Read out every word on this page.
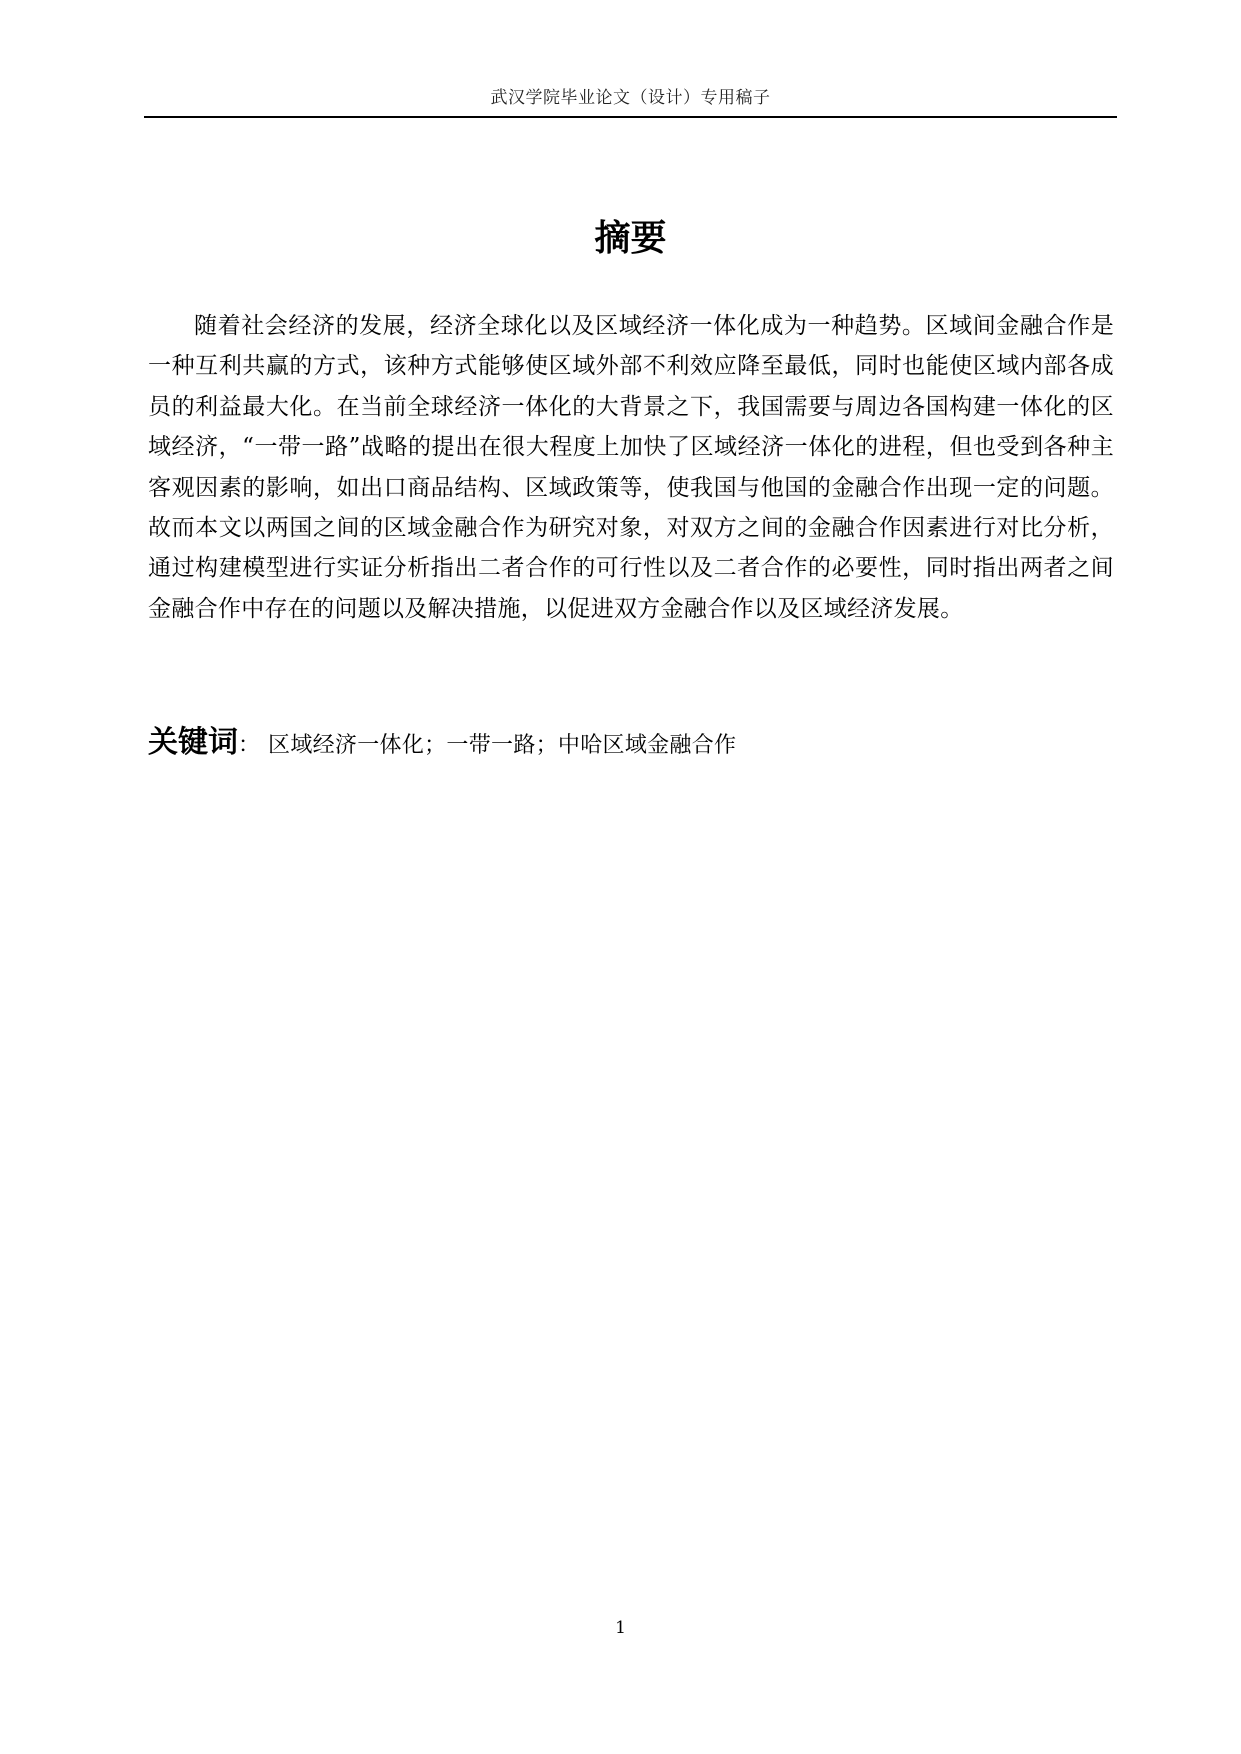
武汉学院毕业论文（设计）专用稿子
摘要

随着社会经济的发展，经济全球化以及区域经济一体化成为一种趋势。区域间金融合作是一种互利共赢的方式，该种方式能够使区域外部不利效应降至最低，同时也能使区域内部各成员的利益最大化。在当前全球经济一体化的大背景之下，我国需要与周边各国构建一体化的区域经济，“一带一路”战略的提出在很大程度上加快了区域经济一体化的进程，但也受到各种主客观因素的影响，如出口商品结构、区域政策等，使我国与他国的金融合作出现一定的问题。故而本文以两国之间的区域金融合作为研究对象，对双方之间的金融合作因素进行对比分析，通过构建模型进行实证分析指出二者合作的可行性以及二者合作的必要性，同时指出两者之间金融合作中存在的问题以及解决措施，以促进双方金融合作以及区域经济发展。

关键词 ： 区域经济一体化；一带一路；中哈区域金融合作
1
